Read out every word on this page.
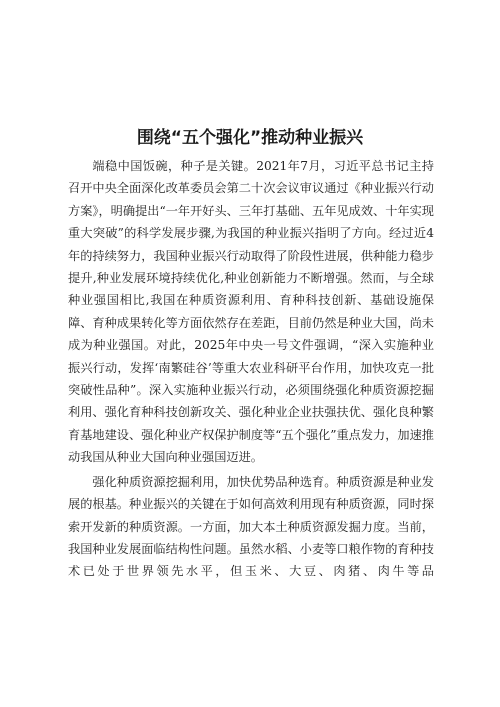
围绕“五个强化”推动种业振兴

端稳中国饭碗，种子是关键。2021年7月，习近平总书记主持召开中央全面深化改革委员会第二十次会议审议通过《种业振兴行动方案》，明确提出“一年开好头、三年打基础、五年见成效、十年实现重大突破”的科学发展步骤,为我国的种业振兴指明了方向。经过近4年的持续努力，我国种业振兴行动取得了阶段性进展，供种能力稳步提升,种业发展环境持续优化,种业创新能力不断增强。然而，与全球种业强国相比,我国在种质资源利用、育种科技创新、基础设施保障、育种成果转化等方面依然存在差距，目前仍然是种业大国，尚未成为种业强国。对此，2025年中央一号文件强调，“深入实施种业振兴行动，发挥‘南繁硅谷’等重大农业科研平台作用，加快攻克一批突破性品种”。深入实施种业振兴行动，必须围绕强化种质资源挖掘利用、强化育种科技创新攻关、强化种业企业扶强扶优、强化良种繁育基地建设、强化种业产权保护制度等“五个强化”重点发力，加速推动我国从种业大国向种业强国迈进。

强化种质资源挖掘利用，加快优势品种选育。种质资源是种业发展的根基。种业振兴的关键在于如何高效利用现有种质资源，同时探索开发新的种质资源。一方面，加大本土种质资源发掘力度。当前，我国种业发展面临结构性问题。虽然水稻、小麦等口粮作物的育种技术已处于世界领先水平，但玉米、大豆、肉猪、肉牛等品
